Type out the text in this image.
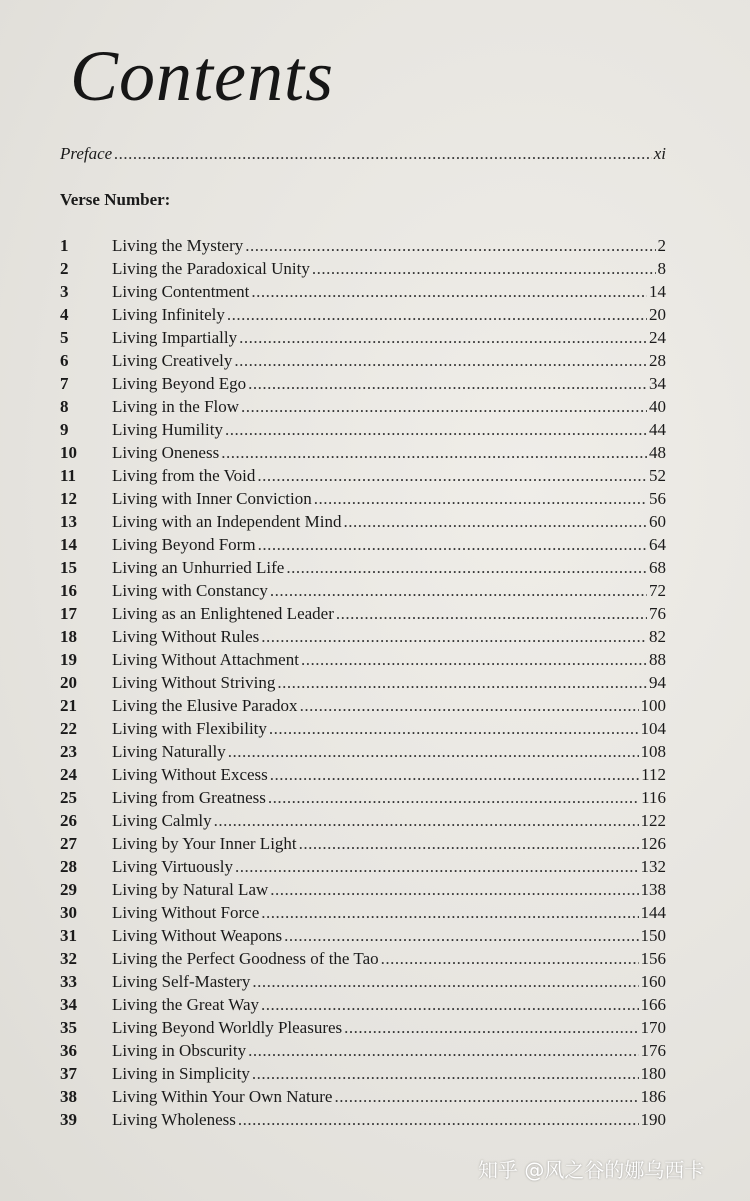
Contents
Preface .....	xi
Verse Number:
1	Living the Mystery .....	2
2	Living the Paradoxical Unity .....	8
3	Living Contentment .....	14
4	Living Infinitely .....	20
5	Living Impartially .....	24
6	Living Creatively .....	28
7	Living Beyond Ego .....	34
8	Living in the Flow .....	40
9	Living Humility .....	44
10	Living Oneness .....	48
11	Living from the Void .....	52
12	Living with Inner Conviction .....	56
13	Living with an Independent Mind .....	60
14	Living Beyond Form .....	64
15	Living an Unhurried Life .....	68
16	Living with Constancy .....	72
17	Living as an Enlightened Leader .....	76
18	Living Without Rules .....	82
19	Living Without Attachment .....	88
20	Living Without Striving .....	94
21	Living the Elusive Paradox .....	100
22	Living with Flexibility .....	104
23	Living Naturally .....	108
24	Living Without Excess .....	112
25	Living from Greatness .....	116
26	Living Calmly .....	122
27	Living by Your Inner Light .....	126
28	Living Virtuously .....	132
29	Living by Natural Law .....	138
30	Living Without Force .....	144
31	Living Without Weapons .....	150
32	Living the Perfect Goodness of the Tao .....	156
33	Living Self-Mastery .....	160
34	Living the Great Way .....	166
35	Living Beyond Worldly Pleasures .....	170
36	Living in Obscurity .....	176
37	Living in Simplicity .....	180
38	Living Within Your Own Nature .....	186
39	Living Wholeness .....	190
知乎 @风之谷的娜乌西卡
